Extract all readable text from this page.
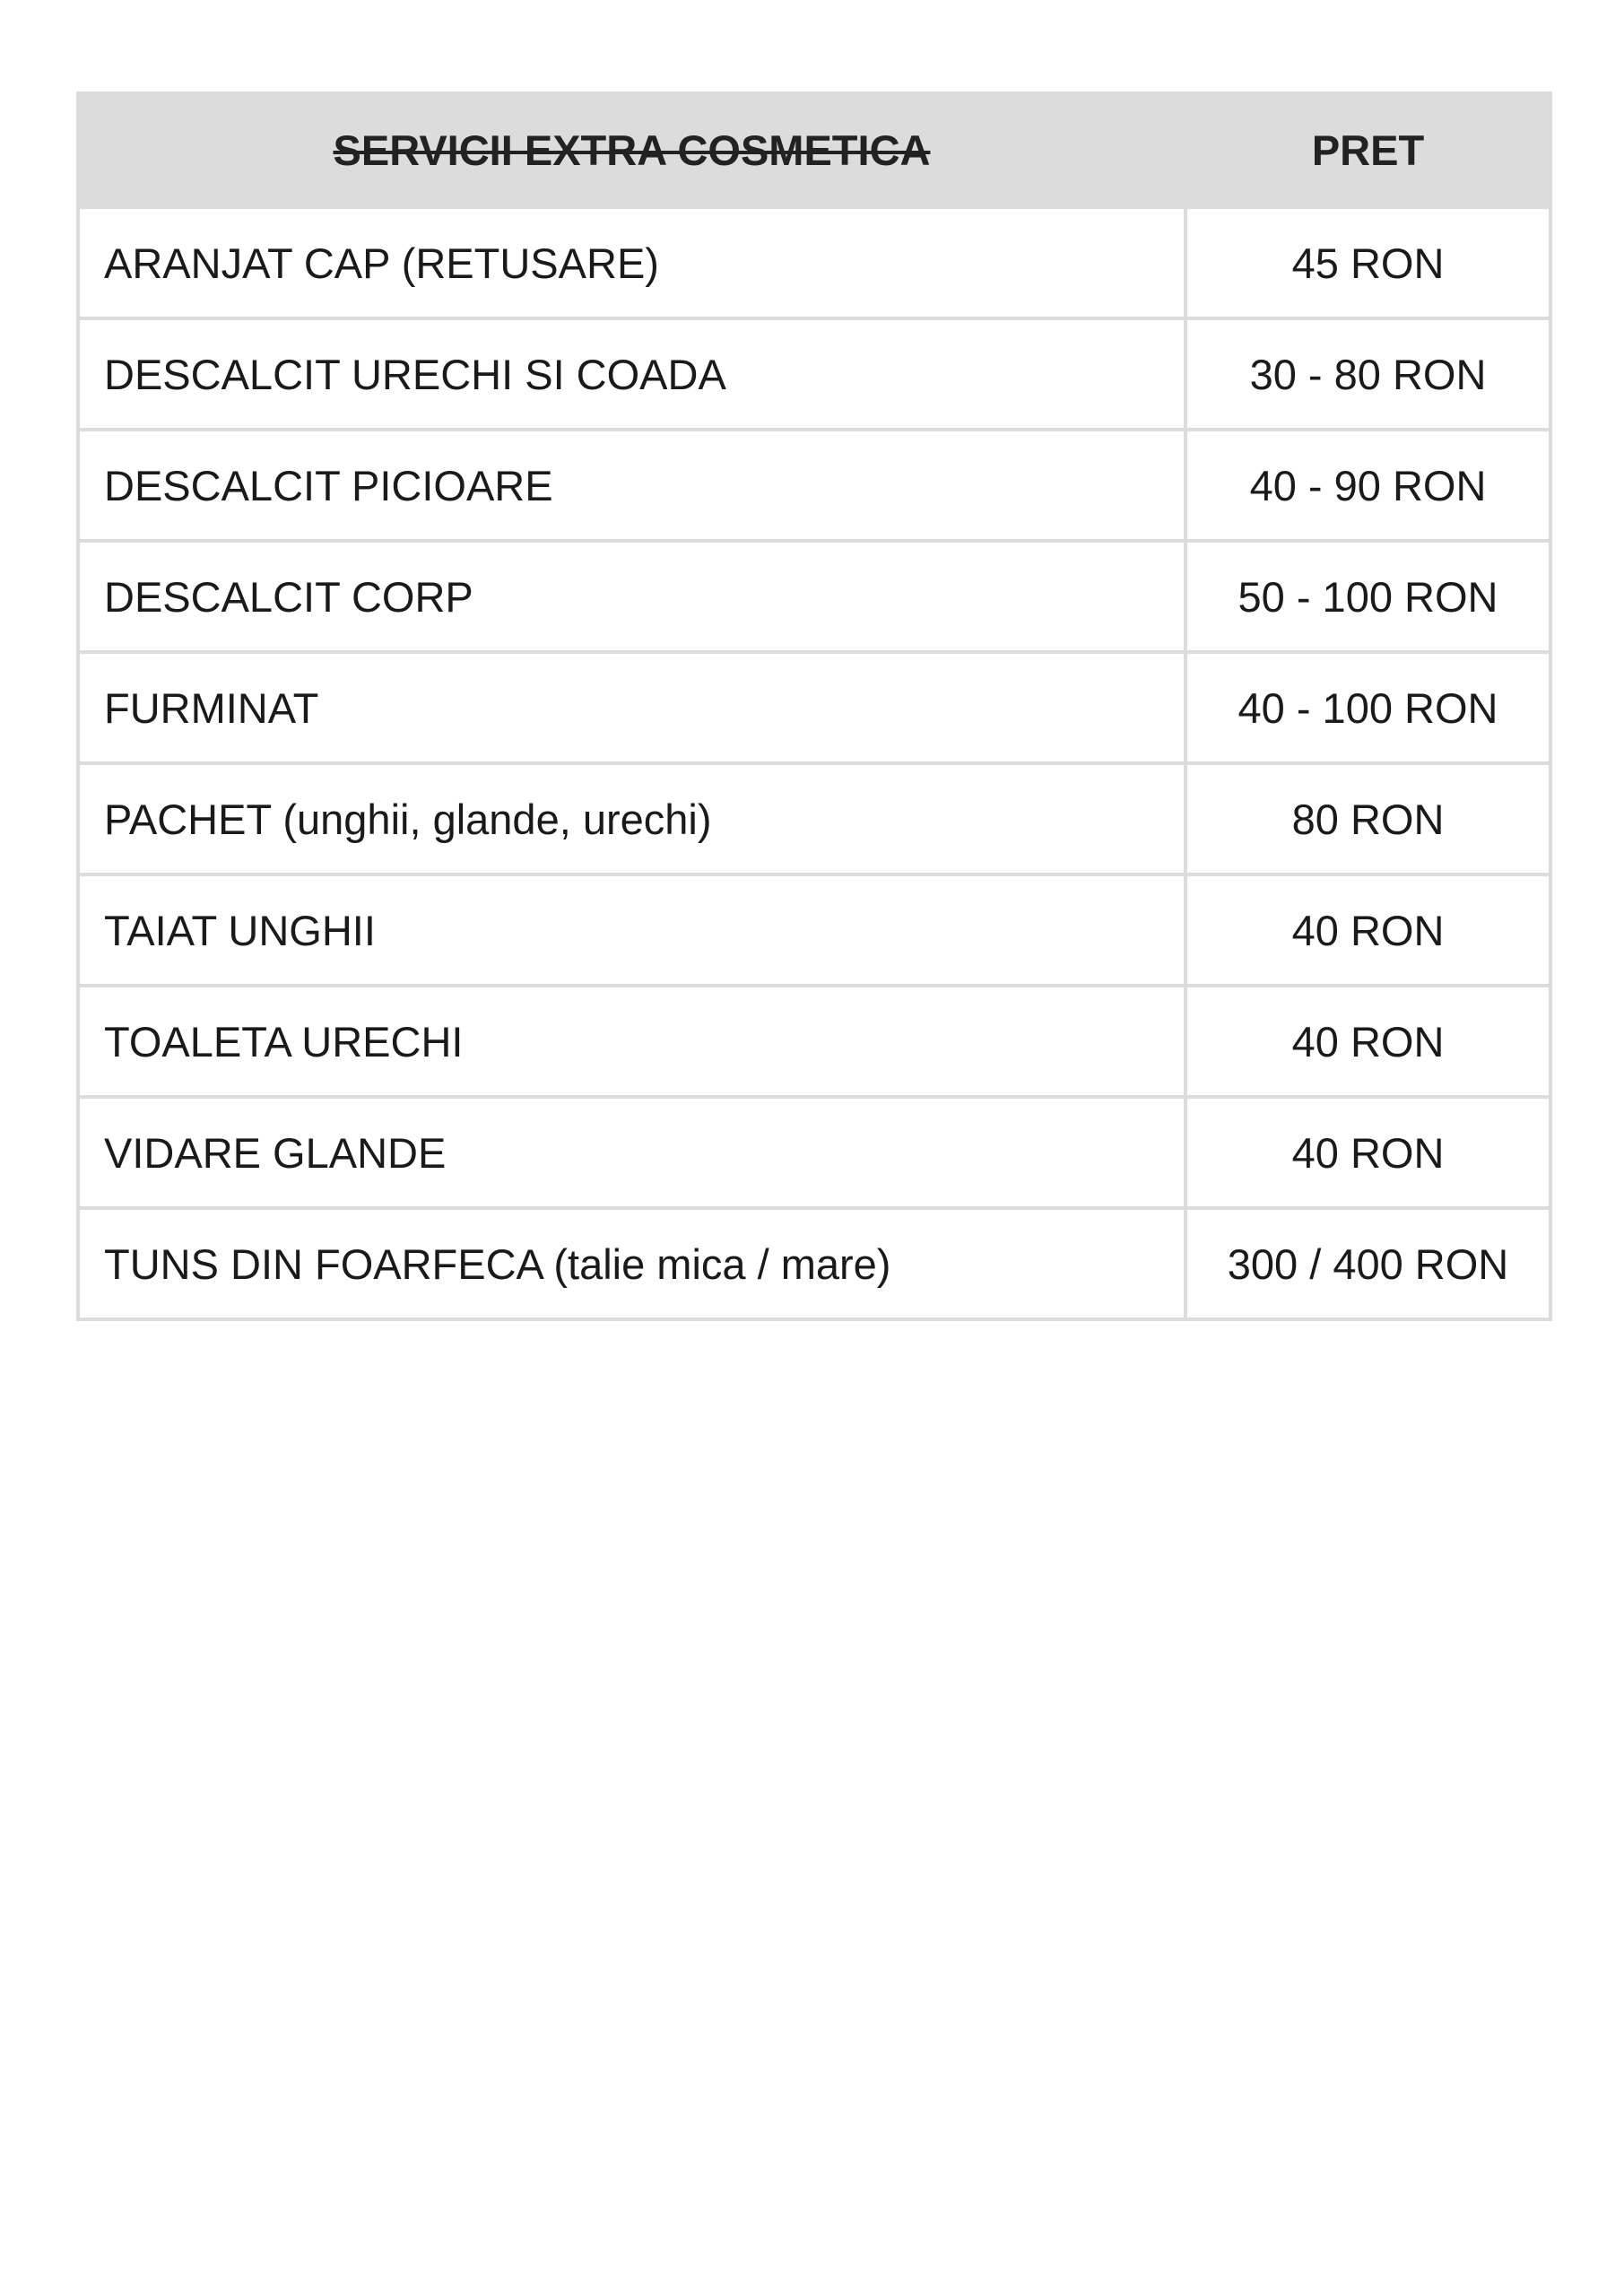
SERVICII EXTRA COSMETICA	PRET
ARANJAT CAP (RETUSARE)	45 RON
DESCALCIT URECHI SI COADA	30 - 80 RON
DESCALCIT PICIOARE	40 - 90 RON
DESCALCIT CORP	50 - 100 RON
FURMINAT	40 - 100 RON
PACHET (unghii, glande, urechi)	80 RON
TAIAT UNGHII	40 RON
TOALETA URECHI	40 RON
VIDARE GLANDE	40 RON
TUNS DIN FOARFECA (talie mica / mare)	300 / 400 RON
